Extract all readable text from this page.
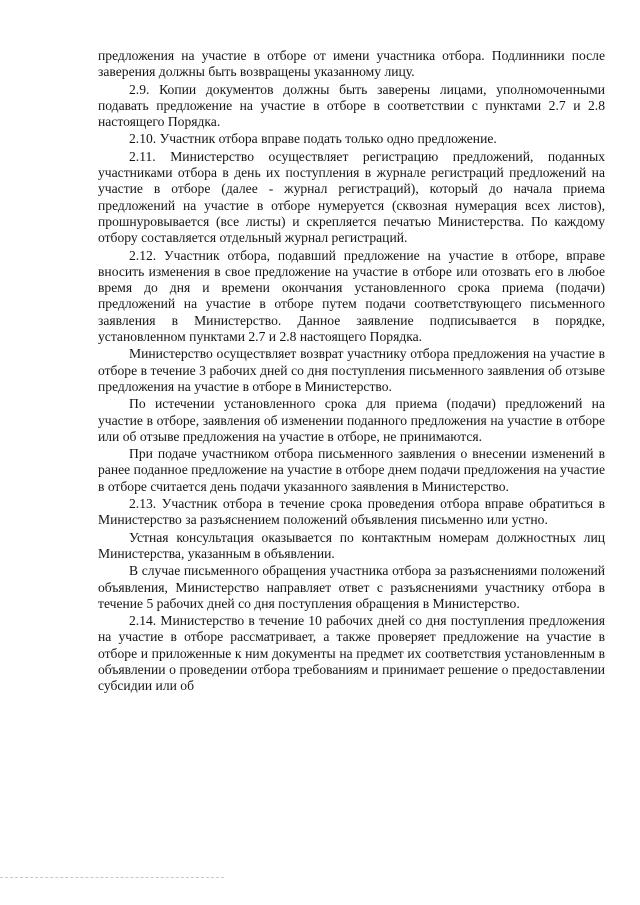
предложения на участие в отборе от имени участника отбора. Подлинники после заверения должны быть возвращены указанному лицу.

2.9. Копии документов должны быть заверены лицами, уполномоченными подавать предложение на участие в отборе в соответствии с пунктами 2.7 и 2.8 настоящего Порядка.

2.10. Участник отбора вправе подать только одно предложение.

2.11. Министерство осуществляет регистрацию предложений, поданных участниками отбора в день их поступления в журнале регистраций предложений на участие в отборе (далее - журнал регистраций), который до начала приема предложений на участие в отборе нумеруется (сквозная нумерация всех листов), прошнуровывается (все листы) и скрепляется печатью Министерства. По каждому отбору составляется отдельный журнал регистраций.

2.12. Участник отбора, подавший предложение на участие в отборе, вправе вносить изменения в свое предложение на участие в отборе или отозвать его в любое время до дня и времени окончания установленного срока приема (подачи) предложений на участие в отборе путем подачи соответствующего письменного заявления в Министерство. Данное заявление подписывается в порядке, установленном пунктами 2.7 и 2.8 настоящего Порядка.

Министерство осуществляет возврат участнику отбора предложения на участие в отборе в течение 3 рабочих дней со дня поступления письменного заявления об отзыве предложения на участие в отборе в Министерство.

По истечении установленного срока для приема (подачи) предложений на участие в отборе, заявления об изменении поданного предложения на участие в отборе или об отзыве предложения на участие в отборе, не принимаются.

При подаче участником отбора письменного заявления о внесении изменений в ранее поданное предложение на участие в отборе днем подачи предложения на участие в отборе считается день подачи указанного заявления в Министерство.

2.13. Участник отбора в течение срока проведения отбора вправе обратиться в Министерство за разъяснением положений объявления письменно или устно.

Устная консультация оказывается по контактным номерам должностных лиц Министерства, указанным в объявлении.

В случае письменного обращения участника отбора за разъяснениями положений объявления, Министерство направляет ответ с разъяснениями участнику отбора в течение 5 рабочих дней со дня поступления обращения в Министерство.

2.14. Министерство в течение 10 рабочих дней со дня поступления предложения на участие в отборе рассматривает, а также проверяет предложение на участие в отборе и приложенные к ним документы на предмет их соответствия установленным в объявлении о проведении отбора требованиям и принимает решение о предоставлении субсидии или об
